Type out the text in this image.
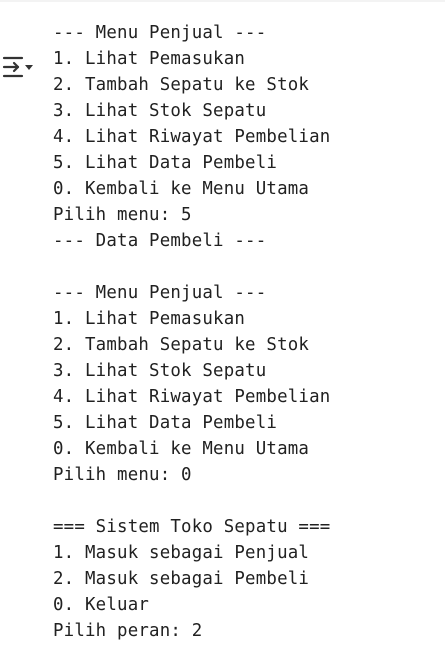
--- Menu Penjual ---
1. Lihat Pemasukan
2. Tambah Sepatu ke Stok
3. Lihat Stok Sepatu
4. Lihat Riwayat Pembelian
5. Lihat Data Pembeli
0. Kembali ke Menu Utama
Pilih menu: 5
--- Data Pembeli ---
--- Menu Penjual ---
1. Lihat Pemasukan
2. Tambah Sepatu ke Stok
3. Lihat Stok Sepatu
4. Lihat Riwayat Pembelian
5. Lihat Data Pembeli
0. Kembali ke Menu Utama
Pilih menu: 0
=== Sistem Toko Sepatu ===
1. Masuk sebagai Penjual
2. Masuk sebagai Pembeli
0. Keluar
Pilih peran: 2
